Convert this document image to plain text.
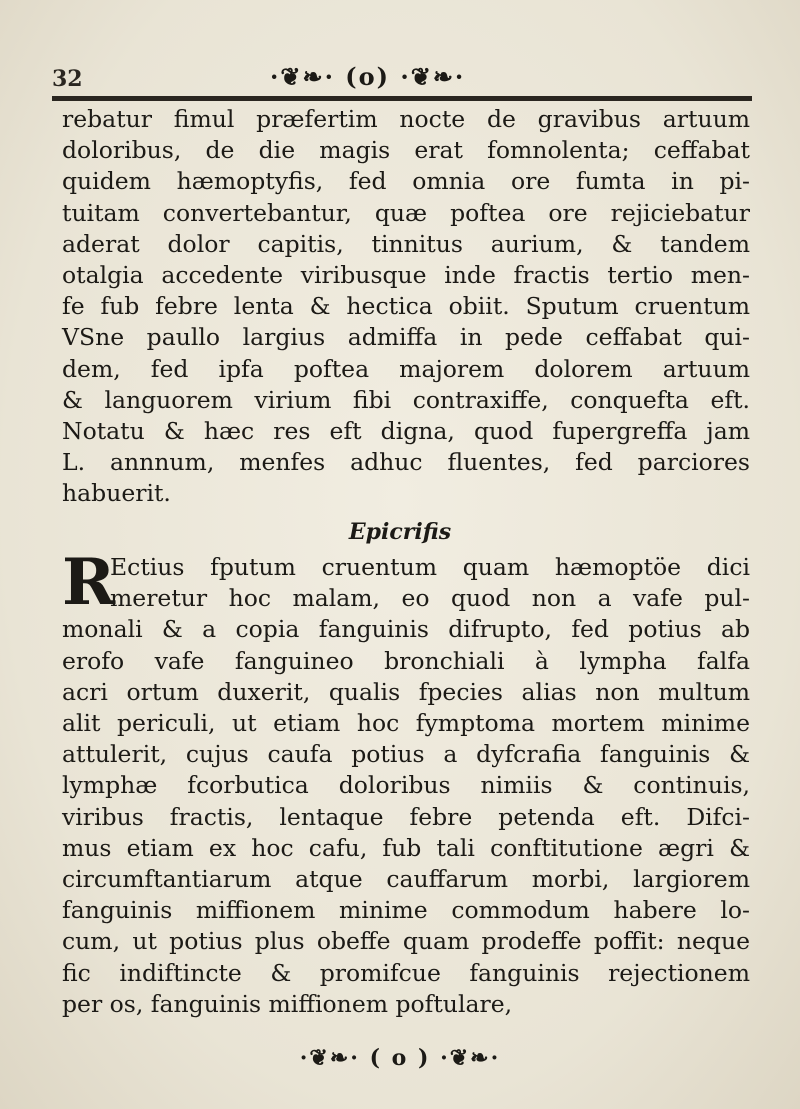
32	·❦❧· (o) ·❦❧·
rebatur fimul præfertim nocte de gravibus artuum
doloribus, de die magis erat fomnolenta; ceffabat
quidem hæmoptyfis, fed omnia ore fumta in pi-
tuitam convertebantur, quæ poftea ore rejiciebatur
aderat dolor capitis, tinnitus aurium, & tandem
otalgia accedente viribusque inde fractis tertio men-
fe fub febre lenta & hectica obiit. Sputum cruentum
VSne paullo largius admiffa in pede ceffabat qui-
dem, fed ipfa poftea majorem dolorem artuum
& languorem virium fibi contraxiffe, conquefta eft.
Notatu & hæc res eft digna, quod fupergreffa jam
L. annnum, menfes adhuc fluentes, fed parciores
habuerit.
Epicrifis
R
Ectius fputum cruentum quam hæmoptöe dici
meretur hoc malam, eo quod non a vafe pul-
monali & a copia fanguinis difrupto, fed potius ab
erofo vafe fanguineo bronchiali à lympha falfa
acri ortum duxerit, qualis fpecies alias non multum
alit periculi, ut etiam hoc fymptoma mortem minime
attulerit, cujus caufa potius a dyfcrafia fanguinis &
lymphæ fcorbutica doloribus nimiis & continuis,
viribus fractis, lentaque febre petenda eft. Difci-
mus etiam ex hoc cafu, fub tali conftitutione ægri &
circumftantiarum atque cauffarum morbi, largiorem
fanguinis miffionem minime commodum habere lo-
cum, ut potius plus obeffe quam prodeffe poffit: neque
fic indiftincte & promifcue fanguinis rejectionem
per os, fanguinis miffionem poftulare,
·❦❧· ( o ) ·❦❧·
